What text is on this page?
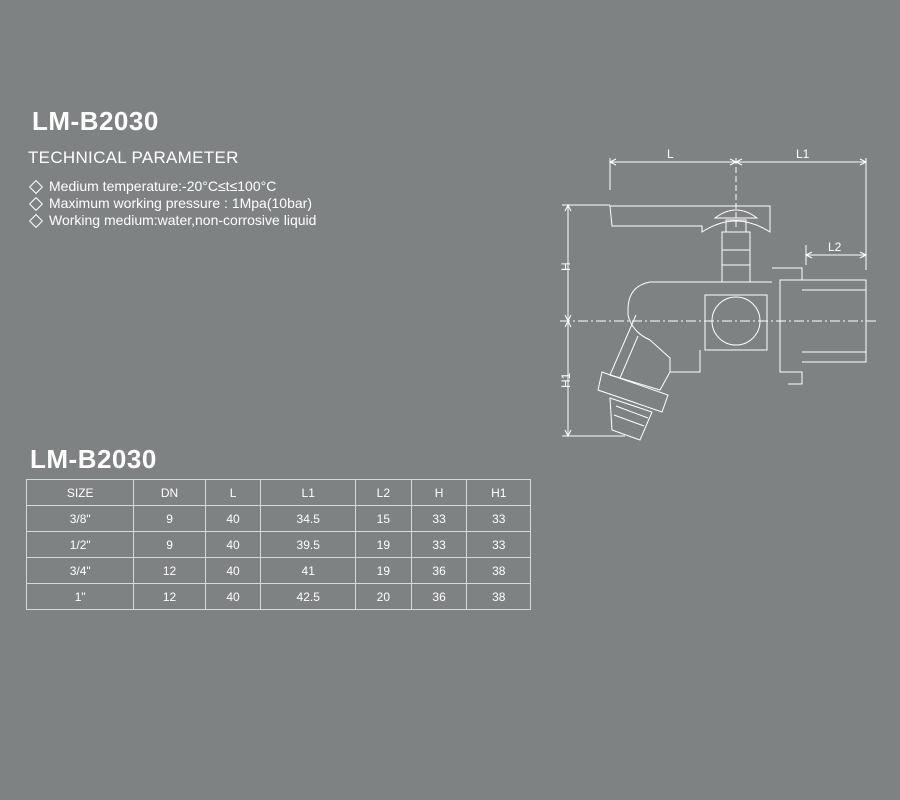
LM-B2030
TECHNICAL PARAMETER
Medium temperature:-20°C≤t≤100°C
Maximum working pressure : 1Mpa(10bar)
Working medium:water,non-corrosive liquid
LM-B2030
SIZE	DN	L	L1	L2	H	H1
3/8"	9	40	34.5	15	33	33
1/2"	9	40	39.5	19	33	33
3/4"	12	40	41	19	36	38
1"	12	40	42.5	20	36	38
L	L1
L2
H
H1
